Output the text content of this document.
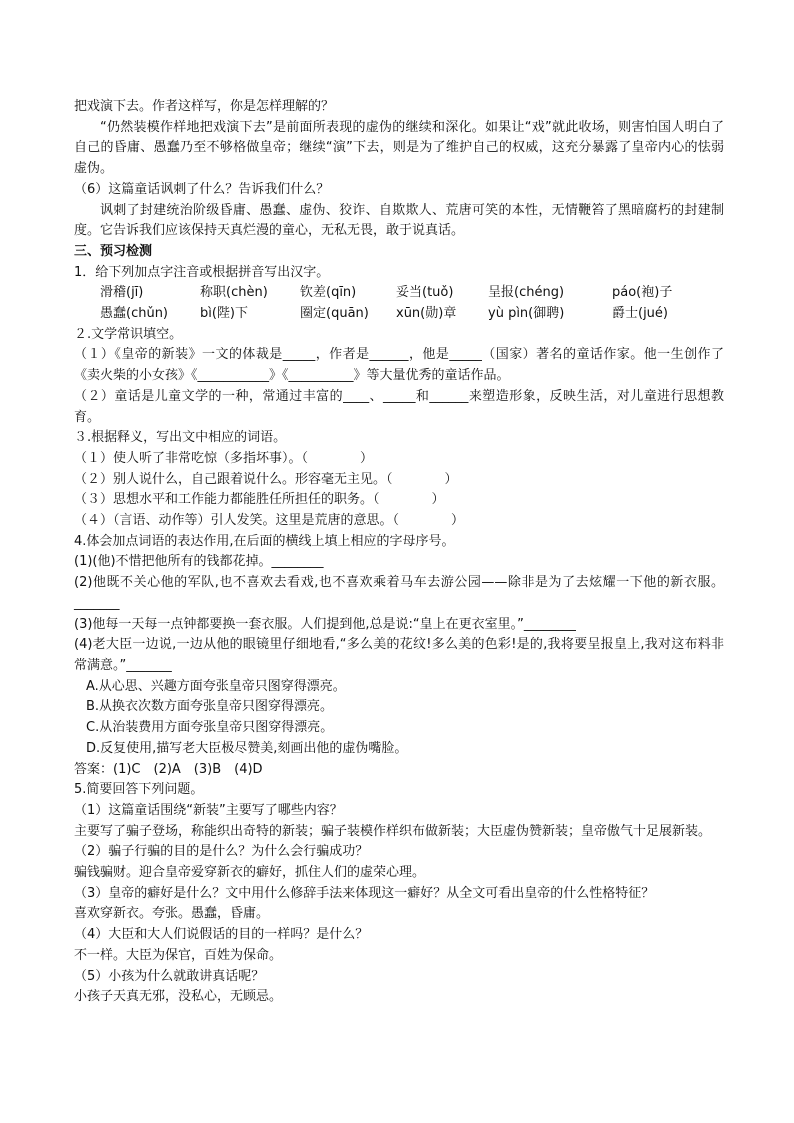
把戏演下去。作者这样写，你是怎样理解的？
“仍然装模作样地把戏演下去”是前面所表现的虚伪的继续和深化。如果让“戏”就此收场，则害怕国人明白了自己的昏庸、愚蠢乃至不够格做皇帝；继续“演”下去，则是为了维护自己的权威，这充分暴露了皇帝内心的怯弱虚伪。
（6）这篇童话讽刺了什么？告诉我们什么？
讽刺了封建统治阶级昏庸、愚蠢、虚伪、狡诈、自欺欺人、荒唐可笑的本性，无情鞭笞了黑暗腐朽的封建制度。它告诉我们应该保持天真烂漫的童心，无私无畏，敢于说真话。
三、预习检测
1．给下列加点字注音或根据拼音写出汉字。
滑稽(jī)	称职(chèn)	钦差(qīn)	妥当(tuǒ)	呈报(chéng)	páo(袍)子
愚蠢(chǔn)	bì(陛)下	圈定(quān)	xūn(勋)章	yù pìn(御聘)	爵士(jué)
２.文学常识填空。
（１）《皇帝的新装》一文的体裁是_____，作者是______，他是_____（国家）著名的童话作家。他一生创作了《卖火柴的小女孩》《___________》《__________》等大量优秀的童话作品。
（２）童话是儿童文学的一种，常通过丰富的____、_____和______来塑造形象，反映生活，对儿童进行思想教育。
３.根据释义，写出文中相应的词语。
（１）使人听了非常吃惊（多指坏事）。（　　　　）
（２）别人说什么，自己跟着说什么。形容毫无主见。（　　　　）
（３）思想水平和工作能力都能胜任所担任的职务。（　　　　）
（４）（言语、动作等）引人发笑。这里是荒唐的意思。（　　　　）
4.体会加点词语的表达作用,在后面的横线上填上相应的字母序号。
(1)(他)不惜把他所有的钱都花掉。________
(2)他既不关心他的军队,也不喜欢去看戏,也不喜欢乘着马车去游公园——除非是为了去炫耀一下他的新衣服。_______
(3)他每一天每一点钟都要换一套衣服。人们提到他,总是说:“皇上在更衣室里。”________
(4)老大臣一边说,一边从他的眼镜里仔细地看,“多么美的花纹!多么美的色彩!是的,我将要呈报皇上,我对这布料非常满意。”_______
A.从心思、兴趣方面夸张皇帝只图穿得漂亮。
B.从换衣次数方面夸张皇帝只图穿得漂亮。
C.从治装费用方面夸张皇帝只图穿得漂亮。
D.反复使用,描写老大臣极尽赞美,刻画出他的虚伪嘴脸。
答案：(1)C　(2)A　(3)B　(4)D
5.简要回答下列问题。
（1）这篇童话围绕“新装”主要写了哪些内容？
主要写了骗子登场，称能织出奇特的新装；骗子装模作样织布做新装；大臣虚伪赞新装；皇帝傲气十足展新装。
（2）骗子行骗的目的是什么？为什么会行骗成功？
骗钱骗财。迎合皇帝爱穿新衣的癖好，抓住人们的虚荣心理。
（3）皇帝的癖好是什么？文中用什么修辞手法来体现这一癖好？从全文可看出皇帝的什么性格特征？
喜欢穿新衣。夸张。愚蠢，昏庸。
（4）大臣和大人们说假话的目的一样吗？是什么？
不一样。大臣为保官，百姓为保命。
（5）小孩为什么就敢讲真话呢？
小孩子天真无邪，没私心，无顾忌。
